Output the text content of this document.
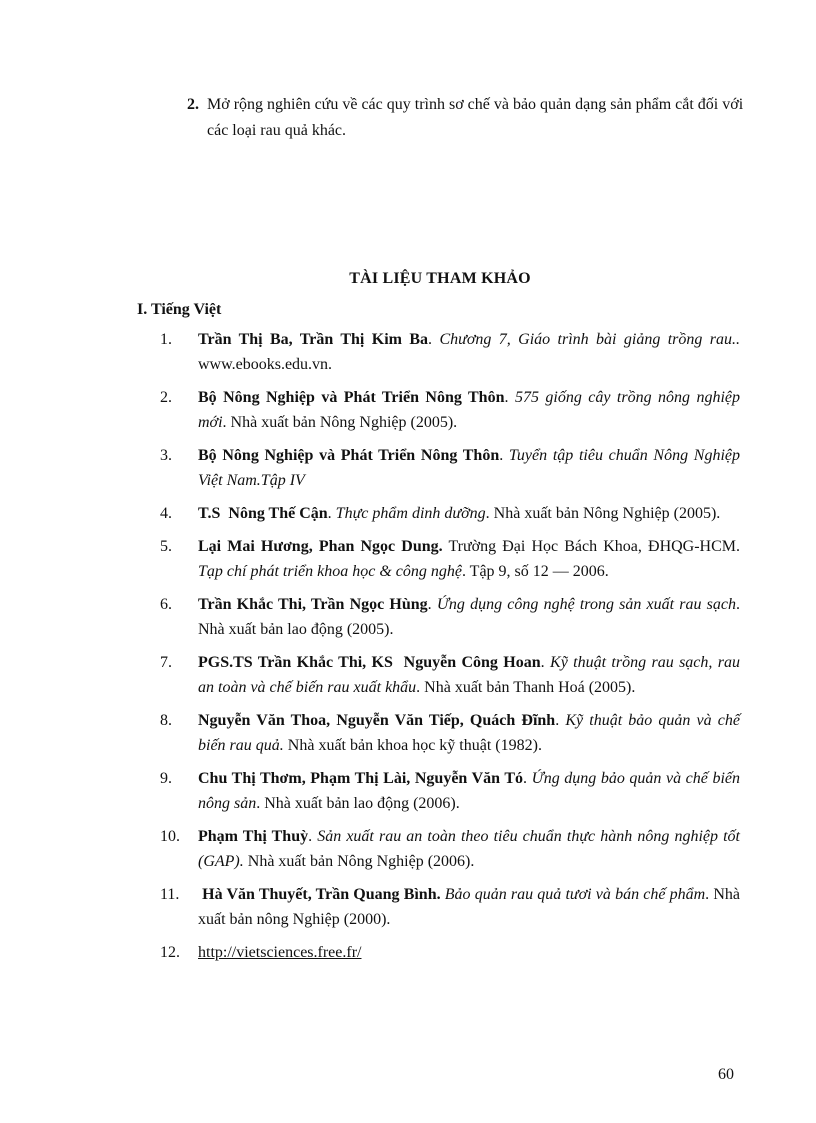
2. Mở rộng nghiên cứu về các quy trình sơ chế và bảo quản dạng sản phẩm cắt đối với các loại rau quả khác.
TÀI LIỆU THAM KHẢO
I. Tiếng Việt
1. Trần Thị Ba, Trần Thị Kim Ba. Chương 7, Giáo trình bài giảng trồng rau.. www.ebooks.edu.vn.
2. Bộ Nông Nghiệp và Phát Triển Nông Thôn. 575 giống cây trồng nông nghiệp mới. Nhà xuất bản Nông Nghiệp (2005).
3. Bộ Nông Nghiệp và Phát Triển Nông Thôn. Tuyển tập tiêu chuẩn Nông Nghiệp Việt Nam.Tập IV
4. T.S  Nông Thế Cận. Thực phẩm dinh dưỡng. Nhà xuất bản Nông Nghiệp (2005).
5. Lại Mai Hương, Phan Ngọc Dung. Trường Đại Học Bách Khoa, ĐHQG-HCM. Tạp chí phát triển khoa học & công nghệ. Tập 9, số 12 — 2006.
6. Trần Khắc Thi, Trần Ngọc Hùng. Ứng dụng công nghệ trong sản xuất rau sạch. Nhà xuất bản lao động (2005).
7. PGS.TS Trần Khắc Thi, KS  Nguyễn Công Hoan. Kỹ thuật trồng rau sạch, rau an toàn và chế biến rau xuất khẩu. Nhà xuất bản Thanh Hoá (2005).
8. Nguyễn Văn Thoa, Nguyễn Văn Tiếp, Quách Đĩnh. Kỹ thuật bảo quản và chế biến rau quả. Nhà xuất bản khoa học kỹ thuật (1982).
9. Chu Thị Thơm, Phạm Thị Lài, Nguyễn Văn Tó. Ứng dụng bảo quản và chế biến nông sản. Nhà xuất bản lao động (2006).
10. Phạm Thị Thuỳ. Sản xuất rau an toàn theo tiêu chuẩn thực hành nông nghiệp tốt (GAP). Nhà xuất bản Nông Nghiệp (2006).
11. Hà Văn Thuyết, Trần Quang Bình. Bảo quản rau quả tươi và bán chế phẩm. Nhà xuất bản nông Nghiệp (2000).
12. http://vietsciences.free.fr/
60
